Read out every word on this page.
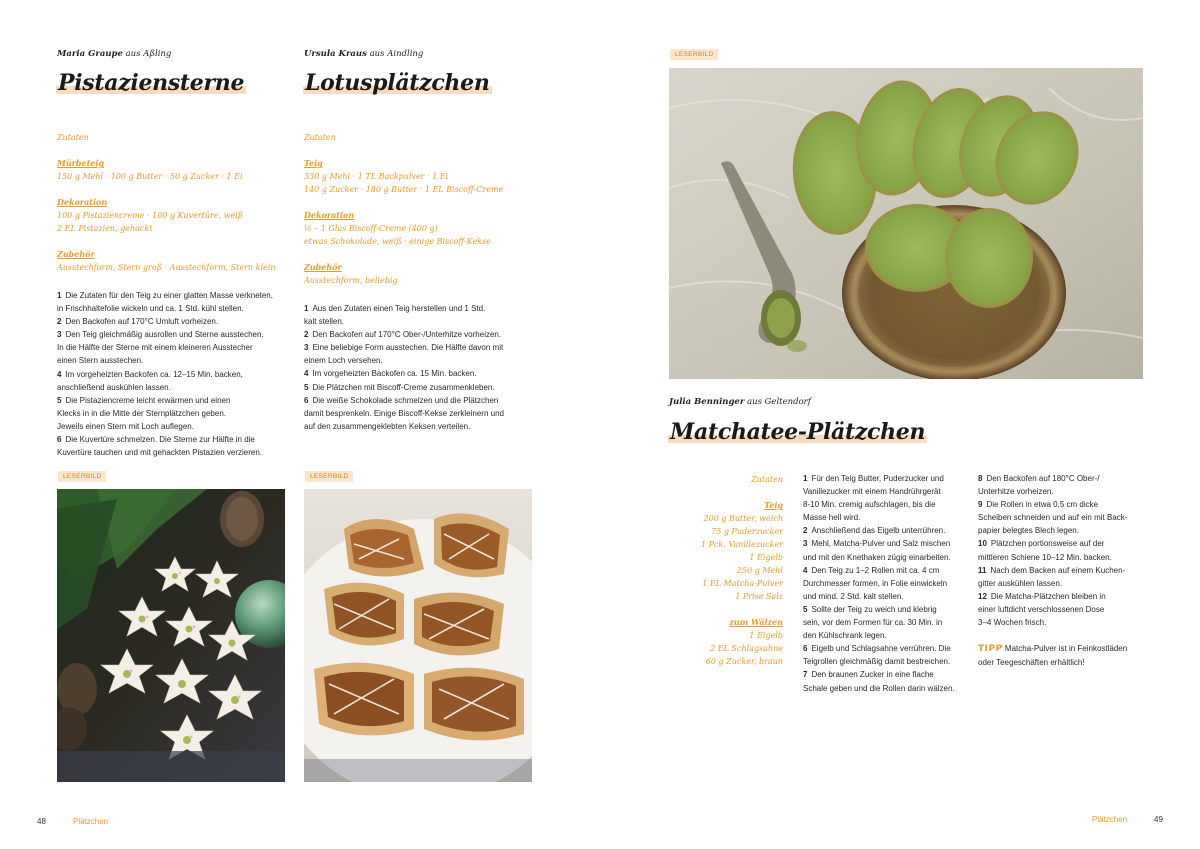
Maria Graupe aus Aßling
Pistaziensterne
Zutaten
Mürbeteig
150 g Mehl · 100 g Butter · 50 g Zucker · 1 Ei
Dekoration
100 g Pistaziencreme · 100 g Kuvertüre, weiß
2 EL Pistazien, gehackt
Zubehör
Ausstechform, Stern groß · Ausstechform, Stern klein
1  Die Zutaten für den Teig zu einer glatten Masse verkneten,
in Frischhaltefolie wickeln und ca. 1 Std. kühl stellen.
2  Den Backofen auf 170°C Umluft vorheizen.
3  Den Teig gleichmäßig ausrollen und Sterne ausstechen.
In die Hälfte der Sterne mit einem kleineren Ausstecher
einen Stern ausstechen.
4  Im vorgeheizten Backofen ca. 12–15 Min. backen,
anschließend auskühlen lassen.
5  Die Pistaziencreme leicht erwärmen und einen
Klecks in in die Mitte der Sternplätzchen geben.
Jeweils einen Stern mit Loch auflegen.
6  Die Kuvertüre schmelzen. Die Sterne zur Hälfte in die
Kuvertüre tauchen und mit gehackten Pistazien verzieren.
Ursula Kraus aus Aindling
Lotusplätzchen
Zutaten
Teig
330 g Mehl · 1 TL Backpulver · 1 Ei
140 g Zucker · 180 g Butter · 1 EL Biscoff-Creme
Dekoration
½ – 1 Glas Biscoff-Creme (400 g)
etwas Schokolade, weiß · einige Biscoff-Kekse
Zubehör
Ausstechform, beliebig
1  Aus den Zutaten einen Teig herstellen und 1 Std.
kalt stellen.
2  Den Backofen auf 170°C Ober-/Unterhitze vorheizen.
3  Eine beliebige Form ausstechen. Die Hälfte davon mit
einem Loch versehen.
4  Im vorgeheizten Backofen ca. 15 Min. backen.
5  Die Plätzchen mit Biscoff-Creme zusammenkleben.
6  Die weiße Schokolade schmelzen und die Plätzchen
damit besprenkeln. Einige Biscoff-Kekse zerkleinern und
auf den zusammengeklebten Keksen verteilen.
LESERBILD	LESERBILD
48	Plätzchen
LESERBILD
Julia Benninger aus Geltendorf
Matchatee-Plätzchen
Zutaten
Teig
200 g Butter, weich
75 g Puderzucker
1 Pck. Vanillezucker
1 Eigelb
250 g Mehl
1 EL Matcha-Pulver
1 Prise Salz
zum Wälzen
1 Eigelb
2 EL Schlagsahne
60 g Zucker, braun
1  Für den Teig Butter, Puderzucker und
Vanillezucker mit einem Handrührgerät
8-10 Min. cremig aufschlagen, bis die
Masse hell wird.
2  Anschließend das Eigelb unterrühren.
3  Mehl, Matcha-Pulver und Salz mischen
und mit den Knethaken zügig einarbeiten.
4  Den Teig zu 1–2 Rollen mit ca. 4 cm
Durchmesser formen, in Folie einwickeln
und mind. 2 Std. kalt stellen.
5  Sollte der Teig zu weich und klebrig
sein, vor dem Formen für ca. 30 Min. in
den Kühlschrank legen.
6  Eigelb und Schlagsahne verrühren. Die
Teigrollen gleichmäßig damit bestreichen.
7  Den braunen Zucker in eine flache
Schale geben und die Rollen darin wälzen.
8  Den Backofen auf 180°C Ober-/
Unterhitze vorheizen.
9  Die Rollen in etwa 0,5 cm dicke
Scheiben schneiden und auf ein mit Back-
papier belegtes Blech legen.
10  Plätzchen portionsweise auf der
mittleren Schiene 10–12 Min. backen.
11  Nach dem Backen auf einem Kuchen-
gitter auskühlen lassen.
12  Die Matcha-Plätzchen bleiben in
einer luftdicht verschlossenen Dose
3–4 Wochen frisch.
TIPP Matcha-Pulver ist in Feinkostläden
oder Teegeschäften erhältlich!
Plätzchen	49
